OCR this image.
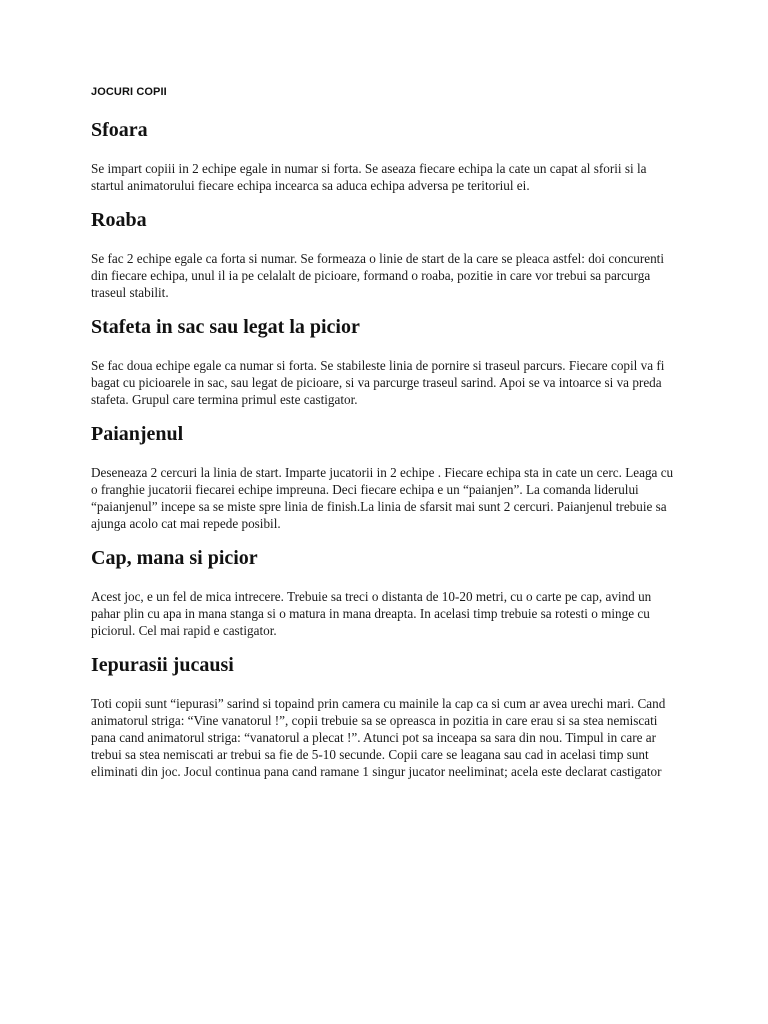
JOCURI COPII
Sfoara

Se impart copiii in 2 echipe egale in numar si forta. Se aseaza fiecare echipa la cate un capat al sforii si la startul animatorului fiecare echipa incearca sa aduca echipa adversa pe teritoriul ei.

Roaba

Se fac 2 echipe egale ca forta si numar. Se formeaza o linie de start de la care se pleaca astfel: doi concurenti din fiecare echipa, unul il ia pe celalalt de picioare, formand o roaba, pozitie in care vor trebui sa parcurga traseul stabilit.

Stafeta in sac sau legat la picior

Se fac doua echipe egale ca numar si forta. Se stabileste linia de pornire si traseul parcurs. Fiecare copil va fi bagat cu picioarele in sac, sau legat de picioare, si va parcurge traseul sarind. Apoi se va intoarce si va preda stafeta. Grupul care termina primul este castigator.

Paianjenul

Deseneaza 2 cercuri la linia de start. Imparte jucatorii in 2 echipe . Fiecare echipa sta in cate un cerc. Leaga cu o franghie jucatorii fiecarei echipe impreuna. Deci fiecare echipa e un “paianjen”. La comanda liderului “paianjenul” incepe sa se miste spre linia de finish.La linia de sfarsit mai sunt 2 cercuri. Paianjenul trebuie sa ajunga acolo cat mai repede posibil.

Cap, mana si picior

Acest joc, e un fel de mica intrecere. Trebuie sa treci o distanta de 10-20 metri, cu o carte pe cap, avind un pahar plin cu apa in mana stanga si o matura in mana dreapta. In acelasi timp trebuie sa rotesti o minge cu piciorul. Cel mai rapid e castigator.

Iepurasii jucausi

Toti copii sunt “iepurasi” sarind si topaind prin camera cu mainile la cap ca si cum ar avea urechi mari. Cand animatorul striga: “Vine vanatorul !”, copii trebuie sa se opreasca in pozitia in care erau si sa stea nemiscati pana cand animatorul striga: “vanatorul a plecat !”. Atunci pot sa inceapa sa sara din nou. Timpul in care ar trebui sa stea nemiscati ar trebui sa fie de 5-10 secunde. Copii care se leagana sau cad in acelasi timp sunt eliminati din joc. Jocul continua pana cand ramane 1 singur jucator neeliminat; acela este declarat castigator
